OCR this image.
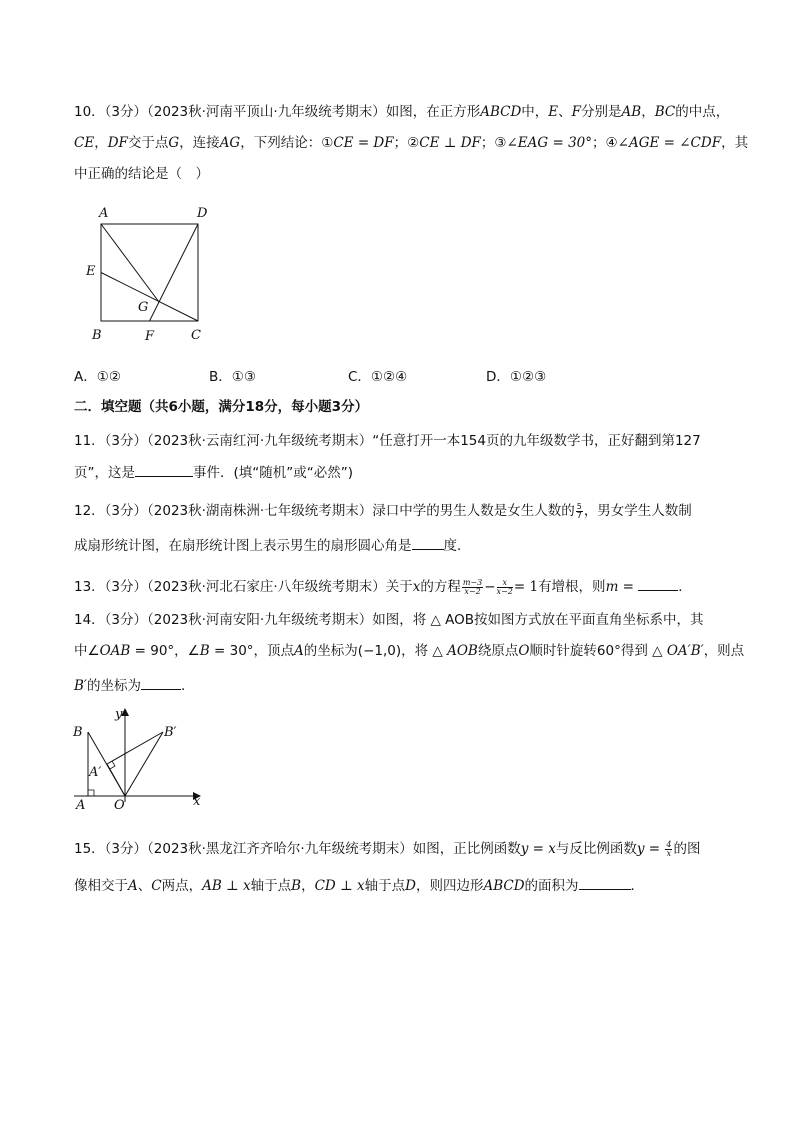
10．（3分）（2023秋·河南平顶山·九年级统考期末）如图，在正方形ABCD中，E、F分别是AB，BC的中点，
CE，DF交于点G，连接AG，下列结论：①CE = DF；②CE ⊥ DF；③∠EAG = 30°；④∠AGE = ∠CDF，其
中正确的结论是（　）
A	D
E
G
B	F	C
A．①②	B．①③	C．①②④	D．①②③
二．填空题（共6小题，满分18分，每小题3分）
11．（3分）（2023秋·云南红河·九年级统考期末）“任意打开一本154页的九年级数学书，正好翻到第127
页”，这是	事件．(填“随机”或“必然”)
12．（3分）（2023秋·湖南株洲·七年级统考期末）渌口中学的男生人数是女生人数的 $\frac{5}{7}$ ，男女学生人数制
成扇形统计图，在扇形统计图上表示男生的扇形圆心角是 度．
13．（3分）（2023秋·河北石家庄·八年级统考期末）关于x的方程 $\frac{m-3}{x-2} - \frac{x}{x-2} = 1$有增根，则m =	．
14．（3分）（2023秋·河南安阳·九年级统考期末）如图，将 △ AOB按如图方式放在平面直角坐标系中，其
中∠OAB = 90°，∠B = 30°，顶点A的坐标为(−1,0)，将 △ AOB绕原点O顺时针旋转60°得到 △ OA′B′，则点
B′的坐标为	．
y
B	B′
A′
A O	x
15．（3分）（2023秋·黑龙江齐齐哈尔·九年级统考期末）如图，正比例函数y = x与反比例函数$y = \frac{4}{x}$ 的图
像相交于A、C两点，AB ⊥ x轴于点B，CD ⊥ x轴于点D，则四边形ABCD的面积为	．
